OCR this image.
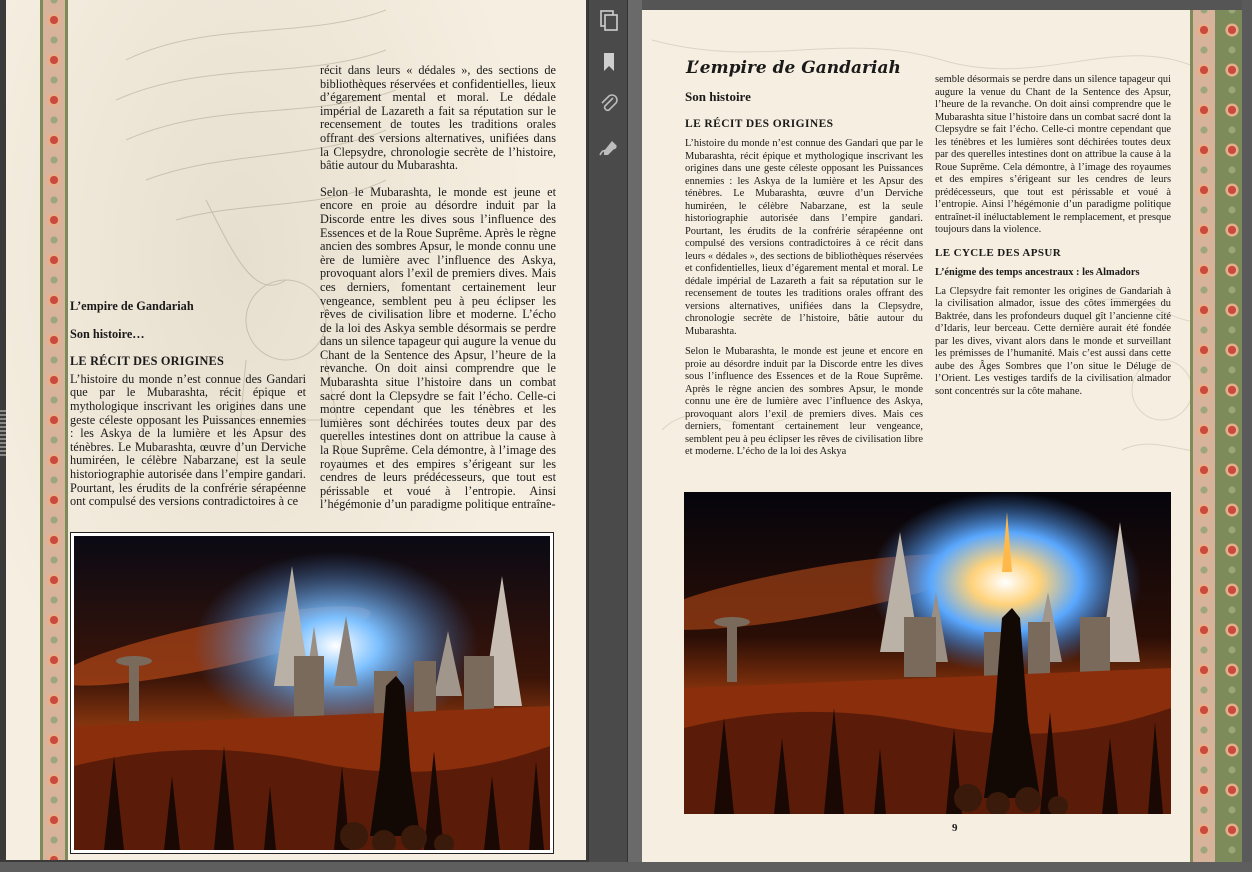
L’empire de Gandariah

Son histoire…

LE RÉCIT DES ORIGINES

L’histoire du monde n’est connue des Gandari que par le Mubarashta, récit épique et mythologique inscrivant les origines dans une geste céleste opposant les Puissances ennemies : les Askya de la lumière et les Apsur des ténèbres. Le Mubarashta, œuvre d’un Derviche humiréen, le célèbre Nabarzane, est la seule historiographie autorisée dans l’empire gandari. Pourtant, les érudits de la confrérie sérapéenne ont compulsé des versions contradictoires à ce

récit dans leurs « dédales », des sections de bibliothèques réservées et confidentielles, lieux d’égarement mental et moral. Le dédale impérial de Lazareth a fait sa réputation sur le recensement de toutes les traditions orales offrant des versions alternatives, unifiées dans la Clepsydre, chronologie secrète de l’histoire, bâtie autour du Mubarashta.

Selon le Mubarashta, le monde est jeune et encore en proie au désordre induit par la Discorde entre les dives sous l’influence des Essences et de la Roue Suprême. Après le règne ancien des sombres Apsur, le monde connu une ère de lumière avec l’influence des Askya, provoquant alors l’exil de premiers dives. Mais ces derniers, fomentant certainement leur vengeance, semblent peu à peu éclipser les rêves de civilisation libre et moderne. L’écho de la loi des Askya semble désormais se perdre dans un silence tapageur qui augure la venue du Chant de la Sentence des Apsur, l’heure de la revanche. On doit ainsi comprendre que le Mubarashta situe l’histoire dans un combat sacré dont la Clepsydre se fait l’écho. Celle-ci montre cependant que les ténèbres et les lumières sont déchirées toutes deux par des querelles intestines dont on attribue la cause à la Roue Suprême. Cela démontre, à l’image des royaumes et des empires s’érigeant sur les cendres de leurs prédécesseurs, que tout est périssable et voué à l’entropie. Ainsi l’hégémonie d’un paradigme politique entraîne-

L’empire de Gandariah
Son histoire
LE RÉCIT DES ORIGINES

L’histoire du monde n’est connue des Gandari que par le Mubarashta, récit épique et mythologique inscrivant les origines dans une geste céleste opposant les Puissances ennemies : les Askya de la lumière et les Apsur des ténèbres. Le Mubarashta, œuvre d’un Derviche humiréen, le célèbre Nabarzane, est la seule historiographie autorisée dans l’empire gandari. Pourtant, les érudits de la confrérie sérapéenne ont compulsé des versions contradictoires à ce récit dans leurs « dédales », des sections de bibliothèques réservées et confidentielles, lieux d’égarement mental et moral. Le dédale impérial de Lazareth a fait sa réputation sur le recensement de toutes les traditions orales offrant des versions alternatives, unifiées dans la Clepsydre, chronologie secrète de l’histoire, bâtie autour du Mubarashta.

Selon le Mubarashta, le monde est jeune et encore en proie au désordre induit par la Discorde entre les dives sous l’influence des Essences et de la Roue Suprême. Après le règne ancien des sombres Apsur, le monde connu une ère de lumière avec l’influence des Askya, provoquant alors l’exil de premiers dives. Mais ces derniers, fomentant certainement leur vengeance, semblent peu à peu éclipser les rêves de civilisation libre et moderne. L’écho de la loi des Askya

semble désormais se perdre dans un silence tapageur qui augure la venue du Chant de la Sentence des Apsur, l’heure de la revanche. On doit ainsi comprendre que le Mubarashta situe l’histoire dans un combat sacré dont la Clepsydre se fait l’écho. Celle-ci montre cependant que les ténèbres et les lumières sont déchirées toutes deux par des querelles intestines dont on attribue la cause à la Roue Suprême. Cela démontre, à l’image des royaumes et des empires s’érigeant sur les cendres de leurs prédécesseurs, que tout est périssable et voué à l’entropie. Ainsi l’hégémonie d’un paradigme politique entraînet-il inéluctablement le remplacement, et presque toujours dans la violence.

LE CYCLE DES APSUR

L’énigme des temps ancestraux : les Almadors

La Clepsydre fait remonter les origines de Gandariah à la civilisation almador, issue des côtes immergées du Baktrée, dans les profondeurs duquel gît l’ancienne cité d’Idaris, leur berceau. Cette dernière aurait été fondée par les dives, vivant alors dans le monde et surveillant les prémisses de l’humanité. Mais c’est aussi dans cette aube des Âges Sombres que l’on situe le Déluge de l’Orient. Les vestiges tardifs de la civilisation almador sont concentrés sur la côte mahane.

9
